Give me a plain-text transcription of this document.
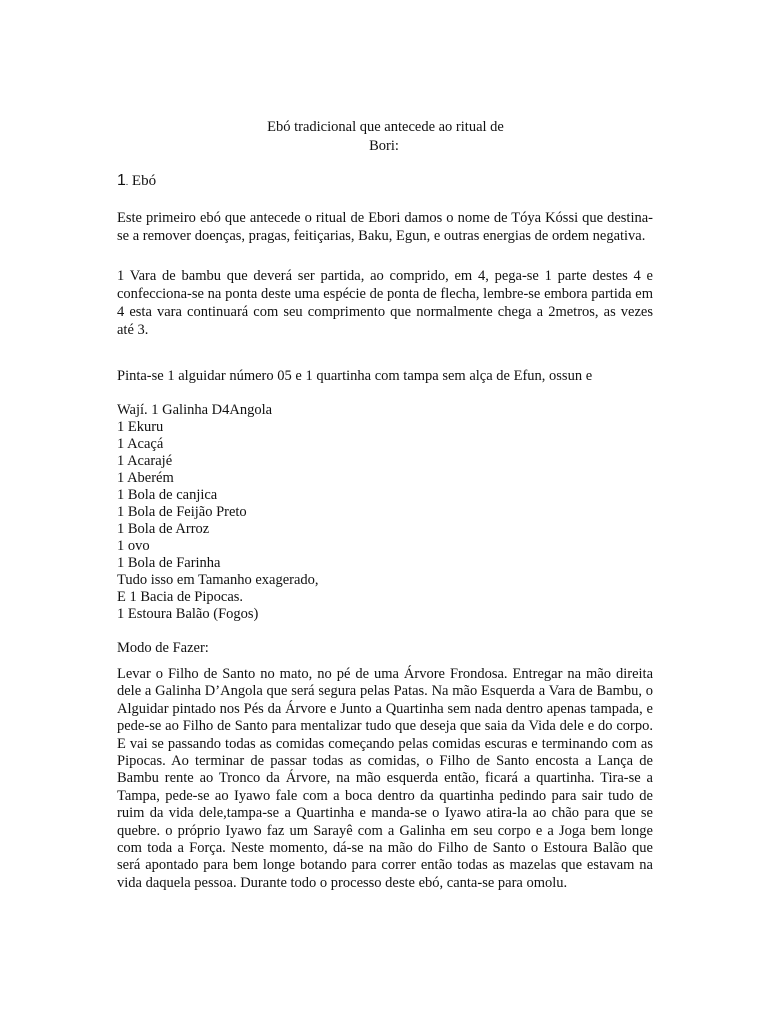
Ebó tradicional que antecede ao ritual de
Bori:
1. Ebó

Este primeiro ebó que antecede o ritual de Ebori damos o nome de Tóya Kóssi que destina- se a remover doenças, pragas, feitiçarias, Baku, Egun, e outras energias de ordem negativa.

1 Vara de bambu que deverá ser partida, ao comprido, em 4, pega-se 1 parte destes 4 e confecciona-se na ponta deste uma espécie de ponta de flecha, lembre-se embora partida em 4 esta vara continuará com seu comprimento que normalmente chega a 2metros, as vezes até 3.

Pinta-se 1 alguidar número 05 e 1 quartinha com tampa sem alça de Efun, ossun e

Wají. 1 Galinha D4Angola
1 Ekuru
1 Acaçá
1 Acarajé
1 Aberém
1 Bola de canjica
1 Bola de Feijão Preto
1 Bola de Arroz
1 ovo
1 Bola de Farinha
Tudo isso em Tamanho exagerado,
E 1 Bacia de Pipocas.
1 Estoura Balão (Fogos)

Modo de Fazer:

Levar o Filho de Santo no mato, no pé de uma Árvore Frondosa. Entregar na mão direita dele a Galinha D’Angola que será segura pelas Patas. Na mão Esquerda a Vara de Bambu, o Alguidar pintado nos Pés da Árvore e Junto a Quartinha sem nada dentro apenas tampada, e pede-se ao Filho de Santo para mentalizar tudo que deseja que saia da Vida dele e do corpo. E vai se passando todas as comidas começando pelas comidas escuras e terminando com as Pipocas. Ao terminar de passar todas as comidas, o Filho de Santo encosta a Lança de Bambu rente ao Tronco da Árvore, na mão esquerda então, ficará a quartinha. Tira-se a Tampa, pede-se ao Iyawo fale com a boca dentro da quartinha pedindo para sair tudo de ruim da vida dele,tampa-se a Quartinha e manda-se o Iyawo atira-la ao chão para que se quebre. o próprio Iyawo faz um Sarayê com a Galinha em seu corpo e a Joga bem longe com toda a Força. Neste momento, dá-se na mão do Filho de Santo o Estoura Balão que será apontado para bem longe botando para correr então todas as mazelas que estavam na vida daquela pessoa. Durante todo o processo deste ebó, canta-se para omolu.
